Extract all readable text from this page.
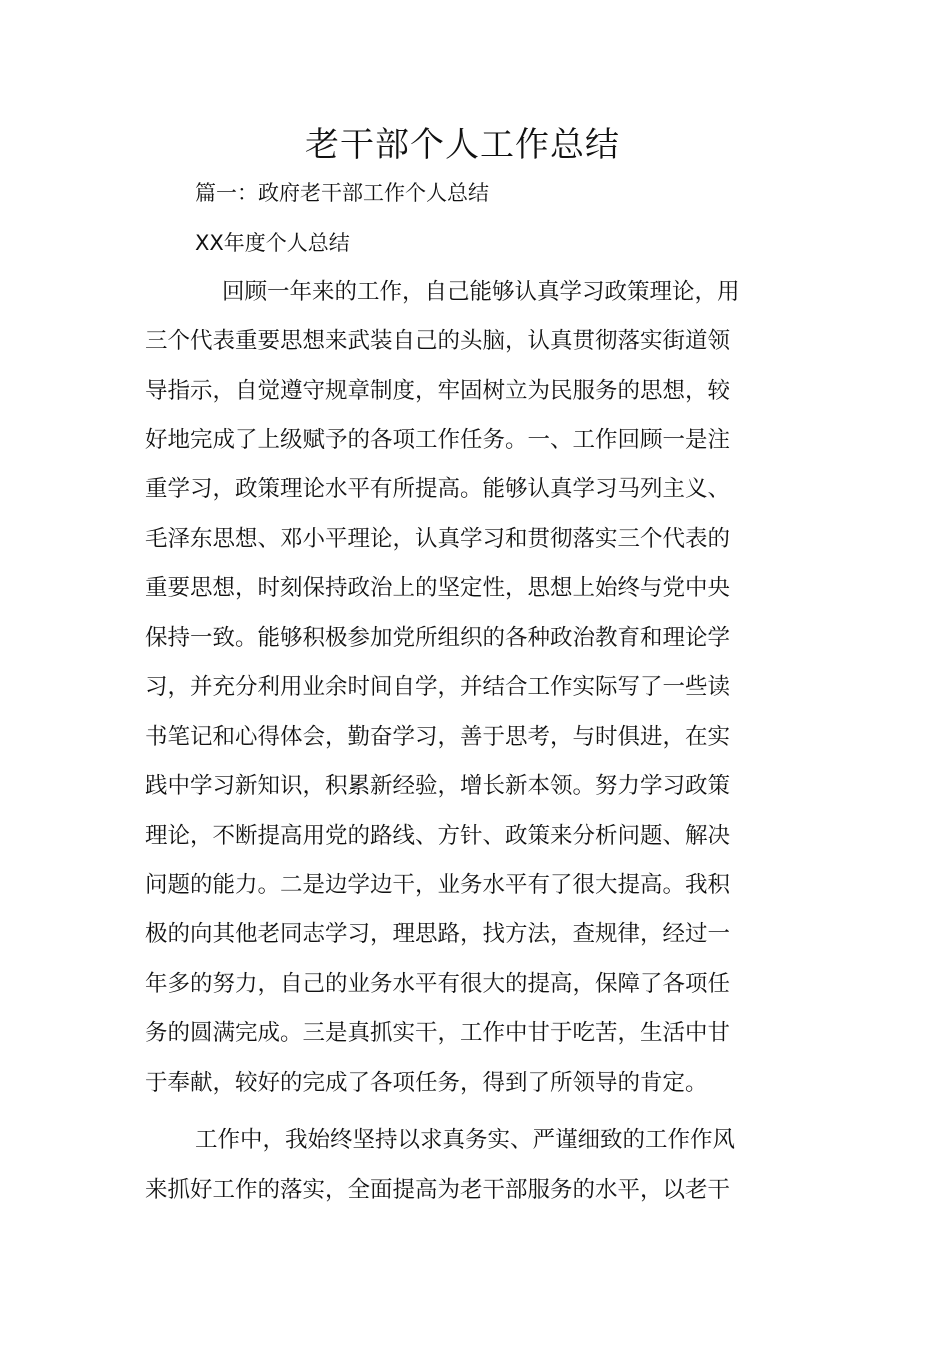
老干部个人工作总结
篇一：政府老干部工作个人总结
XX年度个人总结
回顾一年来的工作，自己能够认真学习政策理论，用
三个代表重要思想来武装自己的头脑，认真贯彻落实街道领
导指示，自觉遵守规章制度，牢固树立为民服务的思想，较
好地完成了上级赋予的各项工作任务。一、工作回顾一是注
重学习，政策理论水平有所提高。能够认真学习马列主义、
毛泽东思想、邓小平理论，认真学习和贯彻落实三个代表的
重要思想，时刻保持政治上的坚定性，思想上始终与党中央
保持一致。能够积极参加党所组织的各种政治教育和理论学
习，并充分利用业余时间自学，并结合工作实际写了一些读
书笔记和心得体会，勤奋学习，善于思考，与时俱进，在实
践中学习新知识，积累新经验，增长新本领。努力学习政策
理论，不断提高用党的路线、方针、政策来分析问题、解决
问题的能力。二是边学边干，业务水平有了很大提高。我积
极的向其他老同志学习，理思路，找方法，查规律，经过一
年多的努力，自己的业务水平有很大的提高，保障了各项任
务的圆满完成。三是真抓实干，工作中甘于吃苦，生活中甘
于奉献，较好的完成了各项任务，得到了所领导的肯定。
工作中，我始终坚持以求真务实、严谨细致的工作作风
来抓好工作的落实，全面提高为老干部服务的水平，以老干
